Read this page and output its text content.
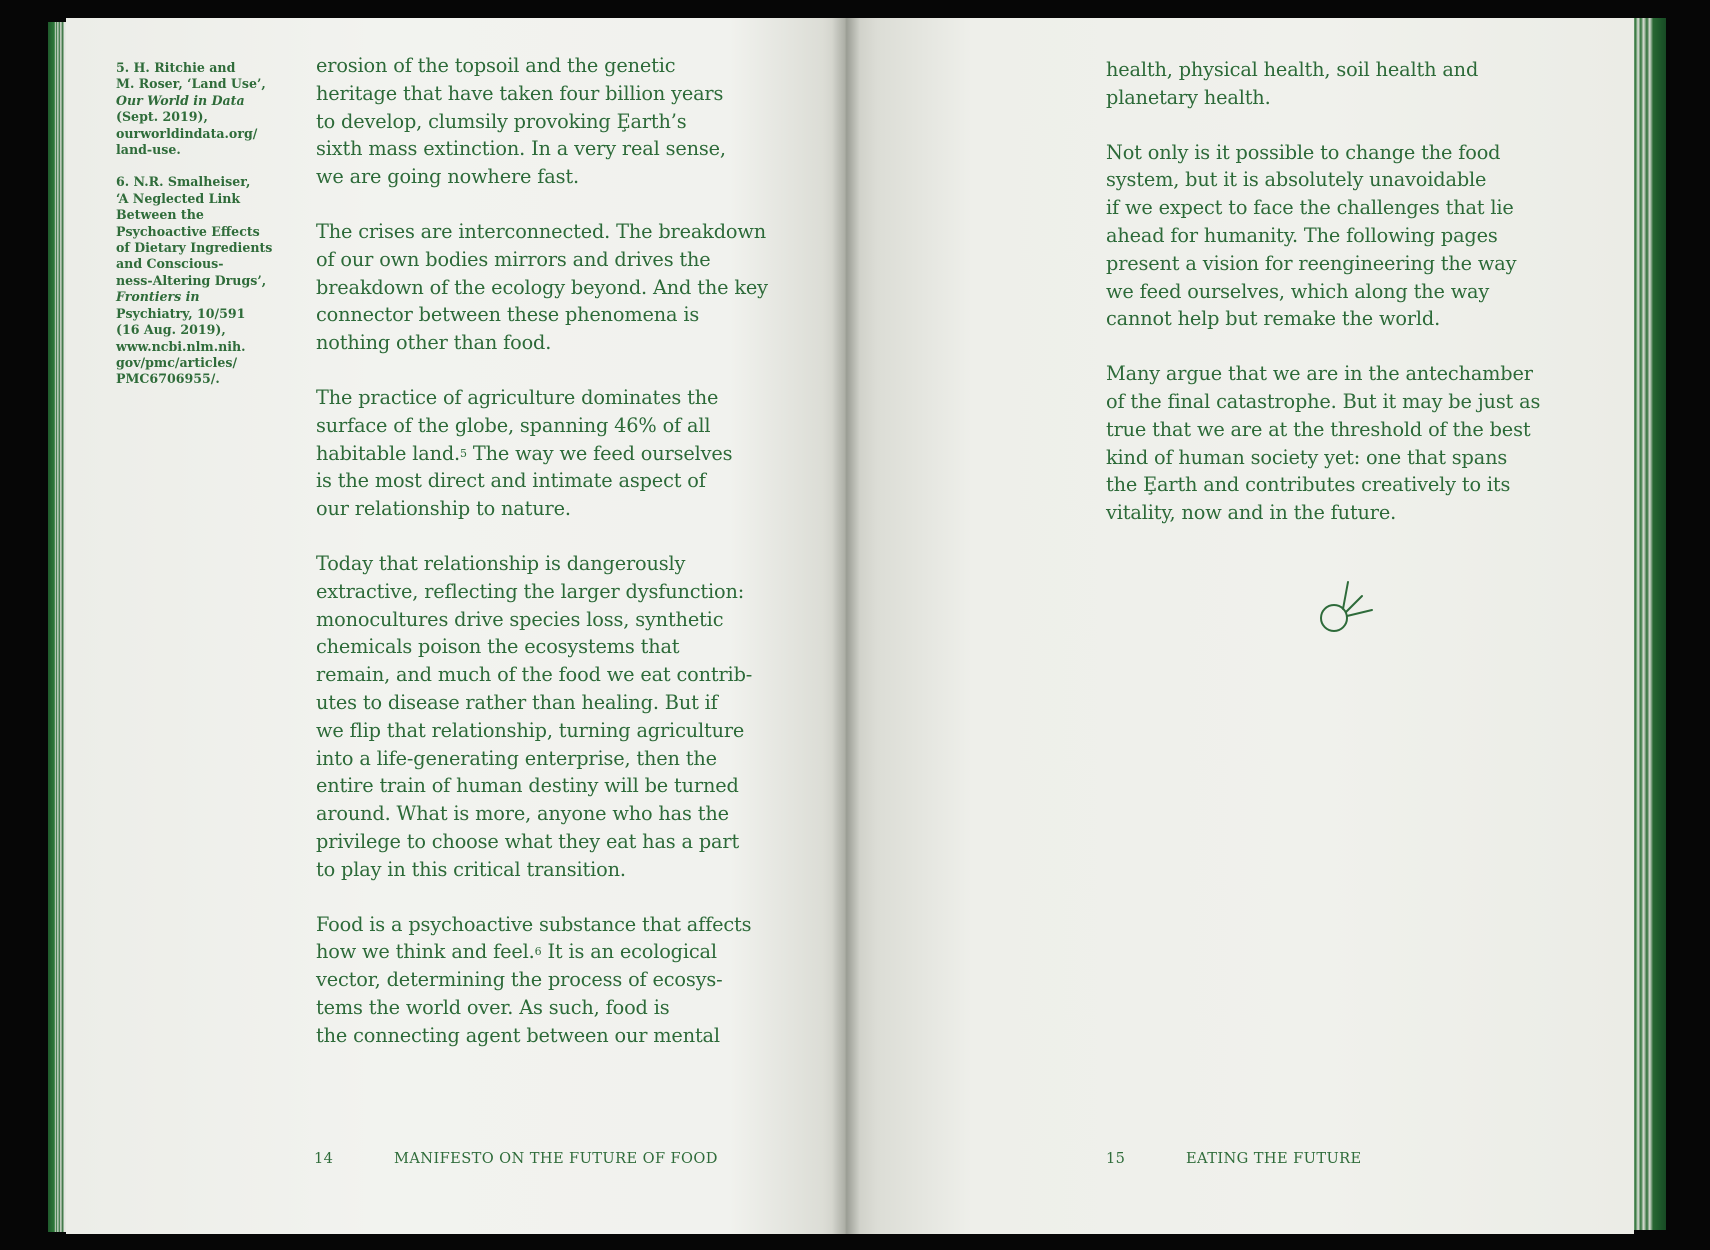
5. H. Ritchie and
M. Roser, ‘Land Use’,
Our World in Data
(Sept. 2019),
ourworldindata.org/
land-use.
6. N.R. Smalheiser,
‘A Neglected Link
Between the
Psychoactive Effects
of Dietary Ingredients
and Conscious-
ness-Altering Drugs’,
Frontiers in
Psychiatry, 10/591
(16 Aug. 2019),
www.ncbi.nlm.nih.
gov/pmc/articles/
PMC6706955/.
erosion of the topsoil and the genetic
heritage that have taken four billion years
to develop, clumsily provoking Ȩarth’s
sixth mass extinction. In a very real sense,
we are going nowhere fast.
The crises are interconnected. The breakdown
of our own bodies mirrors and drives the
breakdown of the ecology beyond. And the key
connector between these phenomena is
nothing other than food.
The practice of agriculture dominates the
surface of the globe, spanning 46% of all
habitable land.$^5$ The way we feed ourselves
is the most direct and intimate aspect of
our relationship to nature.
Today that relationship is dangerously
extractive, reflecting the larger dysfunction:
monocultures drive species loss, synthetic
chemicals poison the ecosystems that
remain, and much of the food we eat contrib-
utes to disease rather than healing. But if
we flip that relationship, turning agriculture
into a life-generating enterprise, then the
entire train of human destiny will be turned
around. What is more, anyone who has the
privilege to choose what they eat has a part
to play in this critical transition.
Food is a psychoactive substance that affects
how we think and feel.$^6$ It is an ecological
vector, determining the process of ecosys-
tems the world over. As such, food is
the connecting agent between our mental
health, physical health, soil health and
planetary health.
Not only is it possible to change the food
system, but it is absolutely unavoidable
if we expect to face the challenges that lie
ahead for humanity. The following pages
present a vision for reengineering the way
we feed ourselves, which along the way
cannot help but remake the world.
Many argue that we are in the antechamber
of the final catastrophe. But it may be just as
true that we are at the threshold of the best
kind of human society yet: one that spans
the Ȩarth and contributes creatively to its
vitality, now and in the future.
14	MANIFESTO ON THE FUTURE OF FOOD	15	EATING THE FUTURE
